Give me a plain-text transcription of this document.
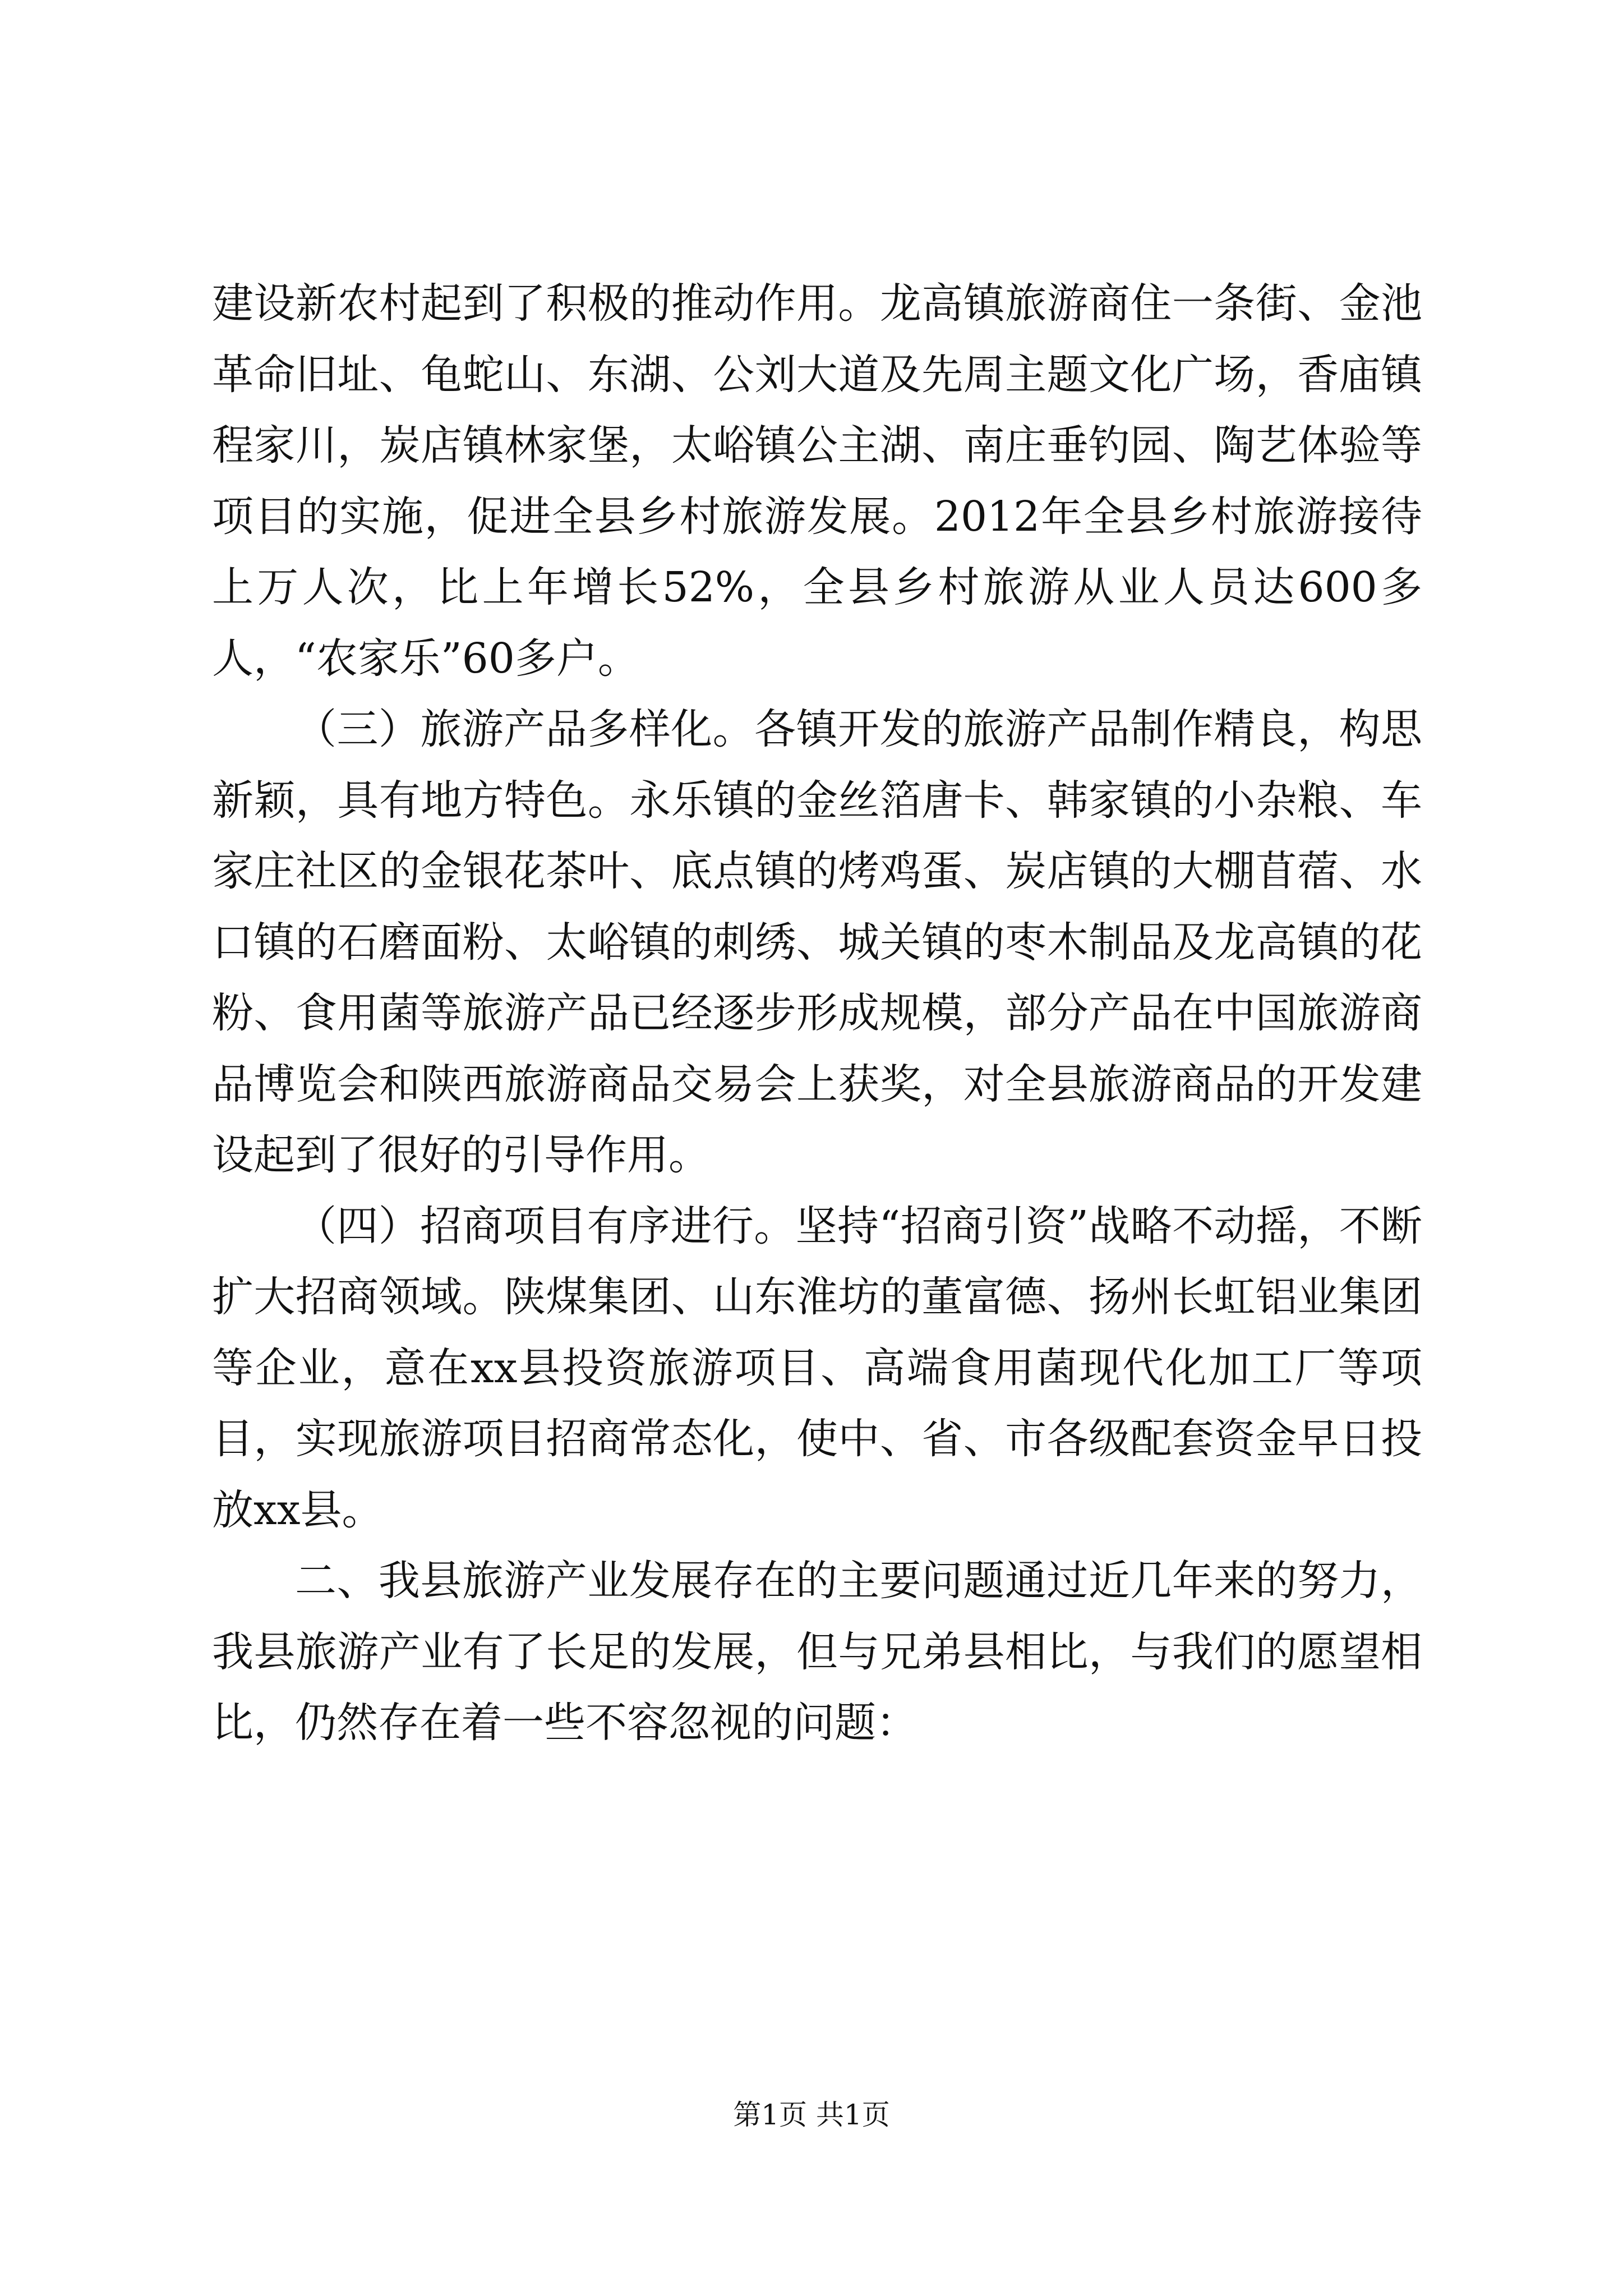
建设新农村起到了积极的推动作用。龙高镇旅游商住一条街、金池革命旧址、龟蛇山、东湖、公刘大道及先周主题文化广场，香庙镇程家川，炭店镇林家堡，太峪镇公主湖、南庄垂钓园、陶艺体验等项目的实施，促进全县乡村旅游发展。2012年全县乡村旅游接待上万人次，比上年增长52%，全县乡村旅游从业人员达600多人，“农家乐”60多户。

（三）旅游产品多样化。各镇开发的旅游产品制作精良，构思新颖，具有地方特色。永乐镇的金丝箔唐卡、韩家镇的小杂粮、车家庄社区的金银花茶叶、底点镇的烤鸡蛋、炭店镇的大棚苜蓿、水口镇的石磨面粉、太峪镇的刺绣、城关镇的枣木制品及龙高镇的花粉、食用菌等旅游产品已经逐步形成规模，部分产品在中国旅游商品博览会和陕西旅游商品交易会上获奖，对全县旅游商品的开发建设起到了很好的引导作用。

（四）招商项目有序进行。坚持“招商引资”战略不动摇，不断扩大招商领域。陕煤集团、山东淮坊的董富德、扬州长虹铝业集团等企业，意在xx县投资旅游项目、高端食用菌现代化加工厂等项目，实现旅游项目招商常态化，使中、省、市各级配套资金早日投放xx县。

二、我县旅游产业发展存在的主要问题通过近几年来的努力，我县旅游产业有了长足的发展，但与兄弟县相比，与我们的愿望相比，仍然存在着一些不容忽视的问题：

第1页 共1页
